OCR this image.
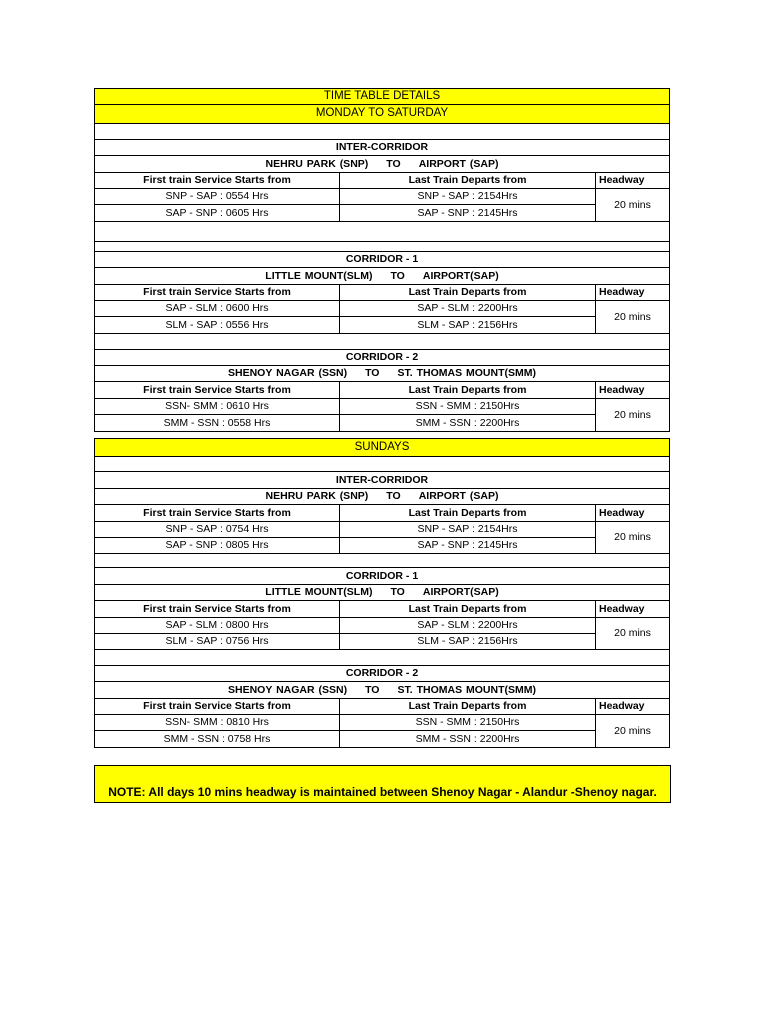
TIME TABLE DETAILS
MONDAY TO SATURDAY
INTER-CORRIDOR
NEHRU PARK (SNP) TO AIRPORT (SAP)
First train Service Starts from	Last Train Departs from	Headway
SNP - SAP : 0554 Hrs	SNP - SAP : 2154Hrs
SAP - SNP : 0605 Hrs	SAP - SNP : 2145Hrs
20 mins
CORRIDOR - 1
LITTLE MOUNT(SLM) TO AIRPORT(SAP)
First train Service Starts from	Last Train Departs from	Headway
SAP - SLM : 0600 Hrs	SAP - SLM : 2200Hrs
SLM - SAP : 0556 Hrs	SLM - SAP : 2156Hrs
20 mins
CORRIDOR - 2
SHENOY NAGAR (SSN) TO ST. THOMAS MOUNT(SMM)
First train Service Starts from	Last Train Departs from	Headway
SSN- SMM : 0610 Hrs	SSN - SMM : 2150Hrs
SMM - SSN : 0558 Hrs	SMM - SSN : 2200Hrs
20 mins
SUNDAYS
INTER-CORRIDOR
NEHRU PARK (SNP) TO AIRPORT (SAP)
First train Service Starts from	Last Train Departs from	Headway
SNP - SAP : 0754 Hrs	SNP - SAP : 2154Hrs
SAP - SNP : 0805 Hrs	SAP - SNP : 2145Hrs
20 mins
CORRIDOR - 1
LITTLE MOUNT(SLM) TO AIRPORT(SAP)
First train Service Starts from	Last Train Departs from	Headway
SAP - SLM : 0800 Hrs	SAP - SLM : 2200Hrs
SLM - SAP : 0756 Hrs	SLM - SAP : 2156Hrs
20 mins
CORRIDOR - 2
SHENOY NAGAR (SSN) TO ST. THOMAS MOUNT(SMM)
First train Service Starts from	Last Train Departs from	Headway
SSN- SMM : 0810 Hrs	SSN - SMM : 2150Hrs
SMM - SSN : 0758 Hrs	SMM - SSN : 2200Hrs
20 mins
NOTE: All days 10 mins headway is maintained between Shenoy Nagar - Alandur -Shenoy nagar.
